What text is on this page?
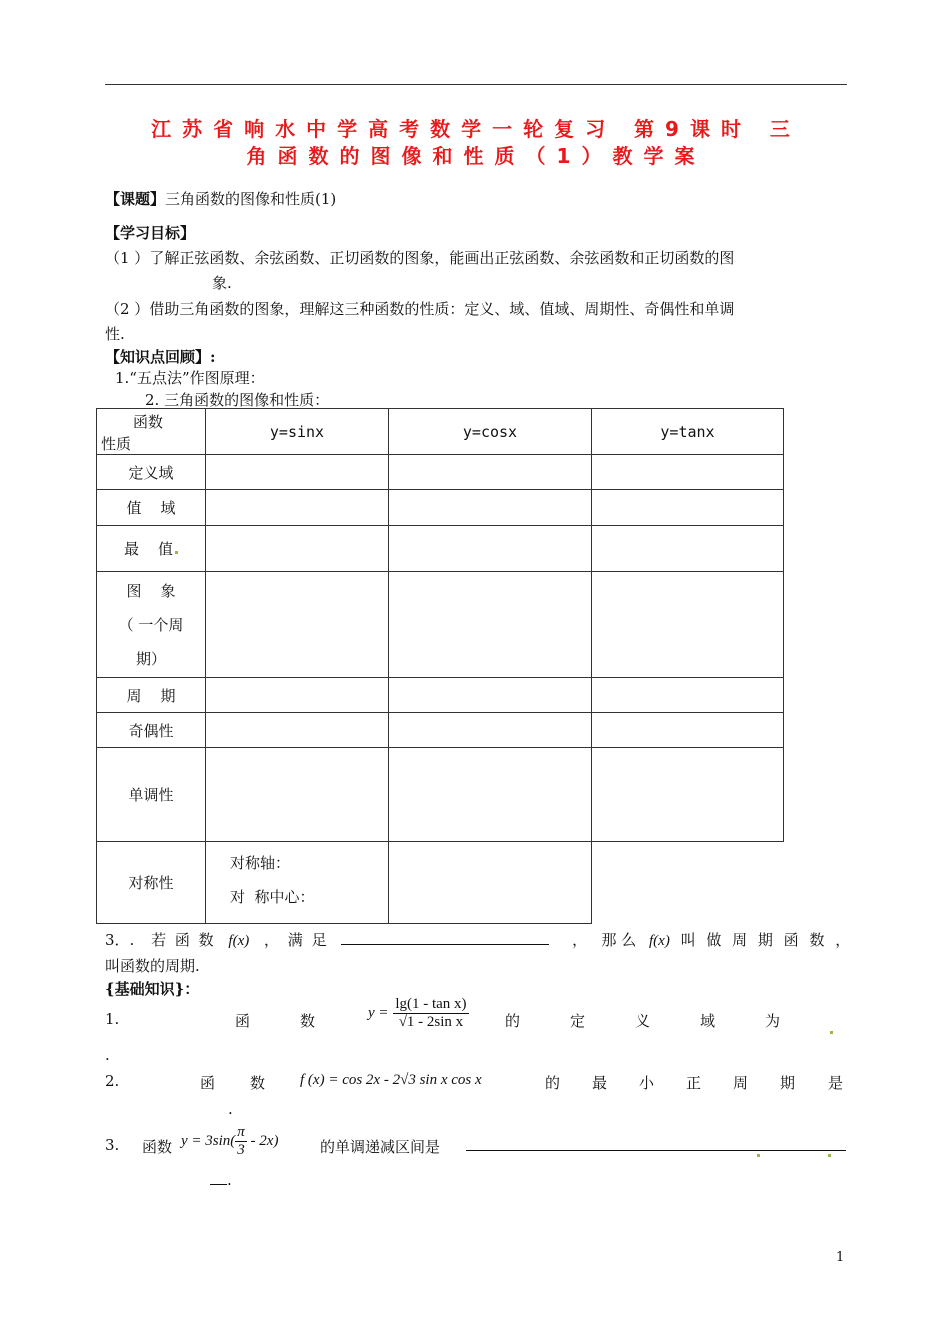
江苏省响水中学高考数学一轮复习 第9课时 三
角函数的图像和性质（1）教学案
【课题】三角函数的图像和性质(1)
【学习目标】
（1 ）了解正弦函数、余弦函数、正切函数的图象，能画出正弦函数、余弦函数和正切函数的图
象.
（2 ）借助三角函数的图象，理解这三种函数的性质：定义、域、值域、周期性、奇偶性和单调
性.
【知识点回顾】:
1.“五点法”作图原理：
2. 三角函数的图像和性质：
函数
性质	y=sinx	y=cosx	y=tanx
定义域			
值    域			
最    值			

图    象
（ 一个周
期）			

周    期			
奇偶性			
单调性			
对称性	对称轴：
对  称中心：		

3．. 若 函 数 f(x) ， 满 足	，   那 么 f(x) 叫 做 周 期 函 数 ，
叫函数的周期.
{基础知识}：
1.	函	数	$y = \frac{\text{lg(1 - tan x)}}{\text{√1 - 2sin x}}$ 的	定	义	域	为
.
2.	函 数 f (x) = cos 2x - 2√3 sin x cos x	的 最 小 正 周 期 是
.
3. 函数 $y = 3\sin( \frac{\pi}{3} - 2x)$	的单调递减区间是
.
1
